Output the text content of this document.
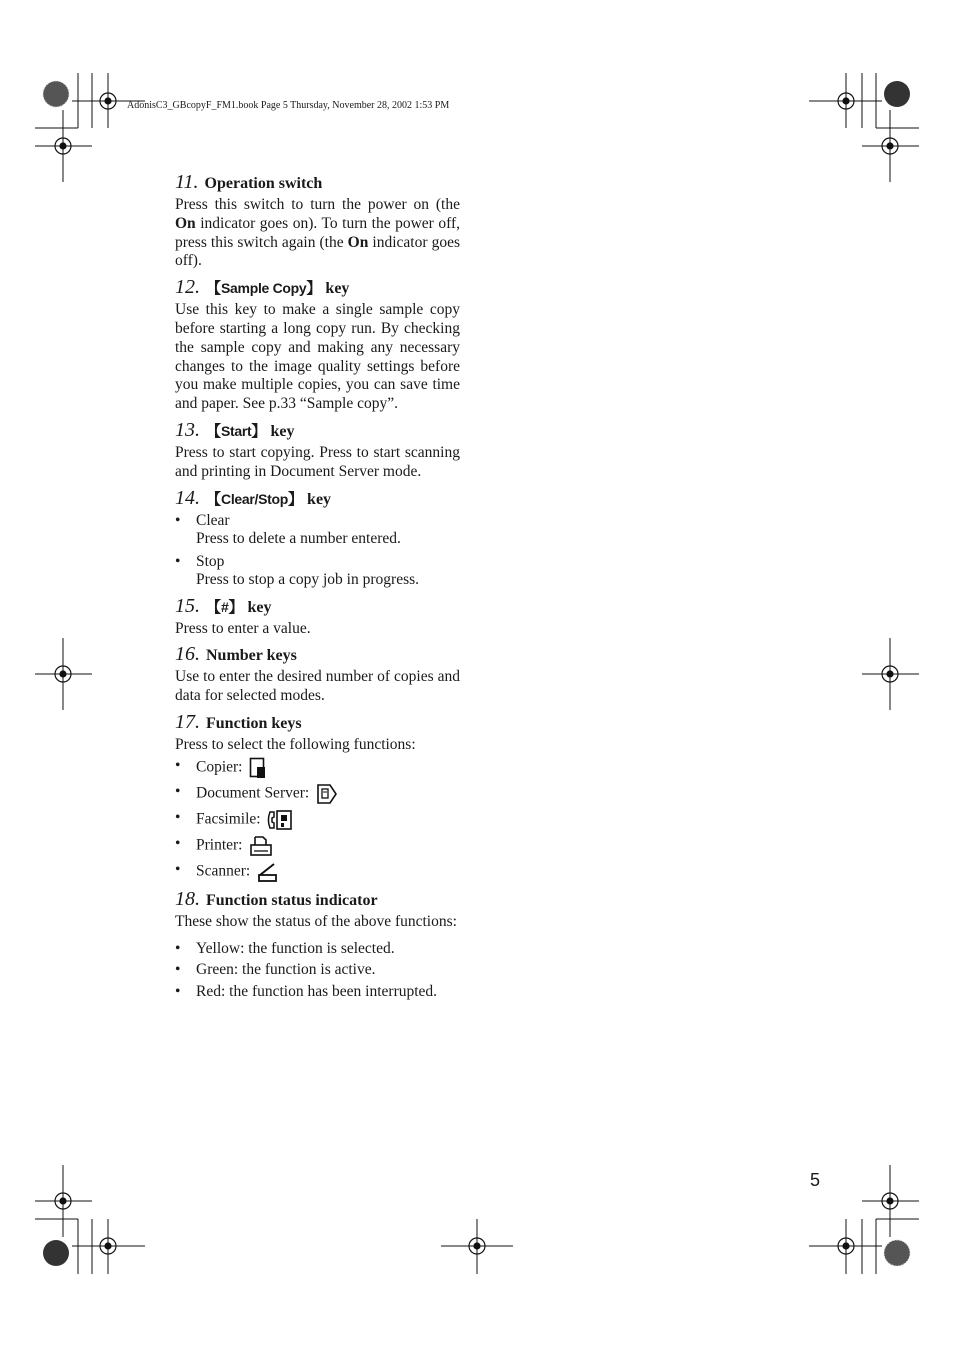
AdonisC3_GBcopyF_FM1.book Page 5 Thursday, November 28, 2002 1:53 PM
5
11. Operation switch

Press this switch to turn the power on (the On indicator goes on). To turn the power off, press this switch again (the On indicator goes off).

12. 【Sample Copy】 key

Use this key to make a single sample copy before starting a long copy run. By checking the sample copy and making any necessary changes to the image quality settings before you make multiple copies, you can save time and paper. See p.33 “Sample copy”.

13. 【Start】 key

Press to start copying. Press to start scanning and printing in Document Server mode.

14. 【Clear/Stop】 key
• Clear
Press to delete a number entered.
• Stop
Press to stop a copy job in progress.
15. 【#】 key

Press to enter a value.

16. Number keys

Use to enter the desired number of copies and data for selected modes.

17. Function keys

Press to select the following functions:

• Copier:
• Document Server:
• Facsimile:
• Printer:
• Scanner:
18. Function status indicator

These show the status of the above functions:

• Yellow: the function is selected.
• Green: the function is active.
• Red: the function has been interrupted.
